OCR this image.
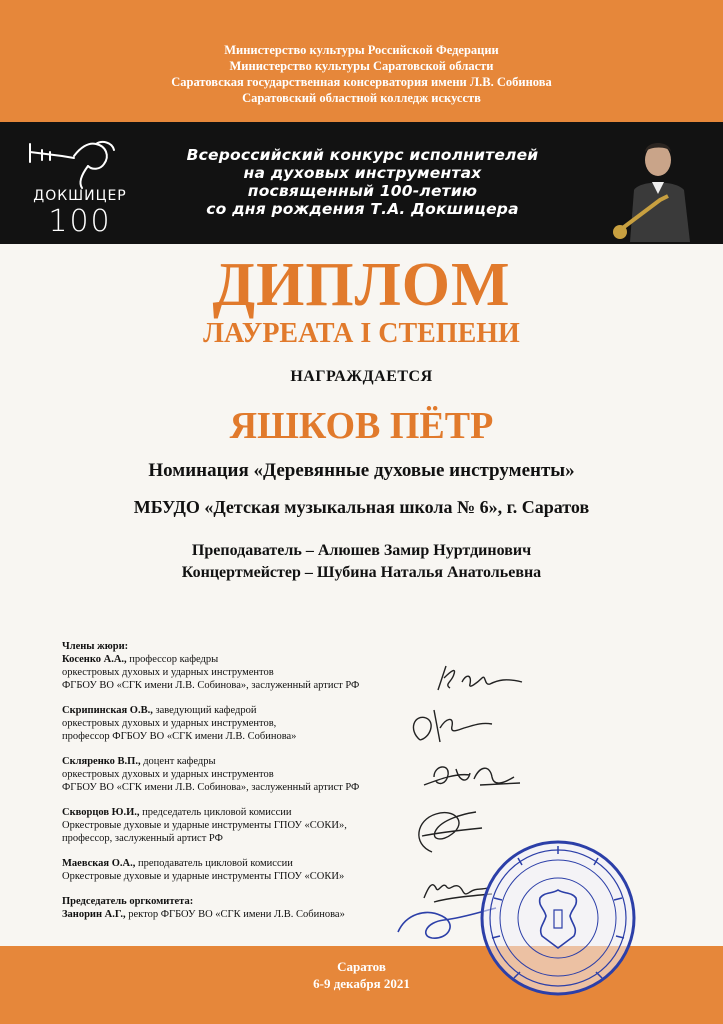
Министерство культуры Российской Федерации
Министерство культуры Саратовской области
Саратовская государственная консерватория имени Л.В. Собинова
Саратовский областной колледж искусств
ДОКШИЦЕР
100
Всероссийский конкурс исполнителей
на духовых инструментах
посвященный 100-летию
со дня рождения Т.А. Докшицера
ДИПЛОМ
ЛАУРЕАТА I СТЕПЕНИ
НАГРАЖДАЕТСЯ
ЯШКОВ ПЁТР
Номинация «Деревянные духовые инструменты»
МБУДО «Детская музыкальная школа № 6», г. Саратов
Преподаватель – Алюшев Замир Нуртдинович
Концертмейстер – Шубина Наталья Анатольевна
Члены жюри:
Косенко А.А., профессор кафедры
оркестровых духовых и ударных инструментов
ФГБОУ ВО «СГК имени Л.В. Собинова», заслуженный артист РФ
Скрипинская О.В., заведующий кафедрой
оркестровых духовых и ударных инструментов,
профессор ФГБОУ ВО «СГК имени Л.В. Собинова»
Скляренко В.П., доцент кафедры
оркестровых духовых и ударных инструментов
ФГБОУ ВО «СГК имени Л.В. Собинова», заслуженный артист РФ
Скворцов Ю.И., председатель цикловой комиссии
Оркестровые духовые и ударные инструменты ГПОУ «СОКИ»,
профессор, заслуженный артист РФ
Маевская О.А., преподаватель цикловой комиссии
Оркестровые духовые и ударные инструменты ГПОУ «СОКИ»
Председатель оргкомитета:
Занорин А.Г., ректор ФГБОУ ВО «СГК имени Л.В. Собинова»
Саратов
6-9 декабря 2021
